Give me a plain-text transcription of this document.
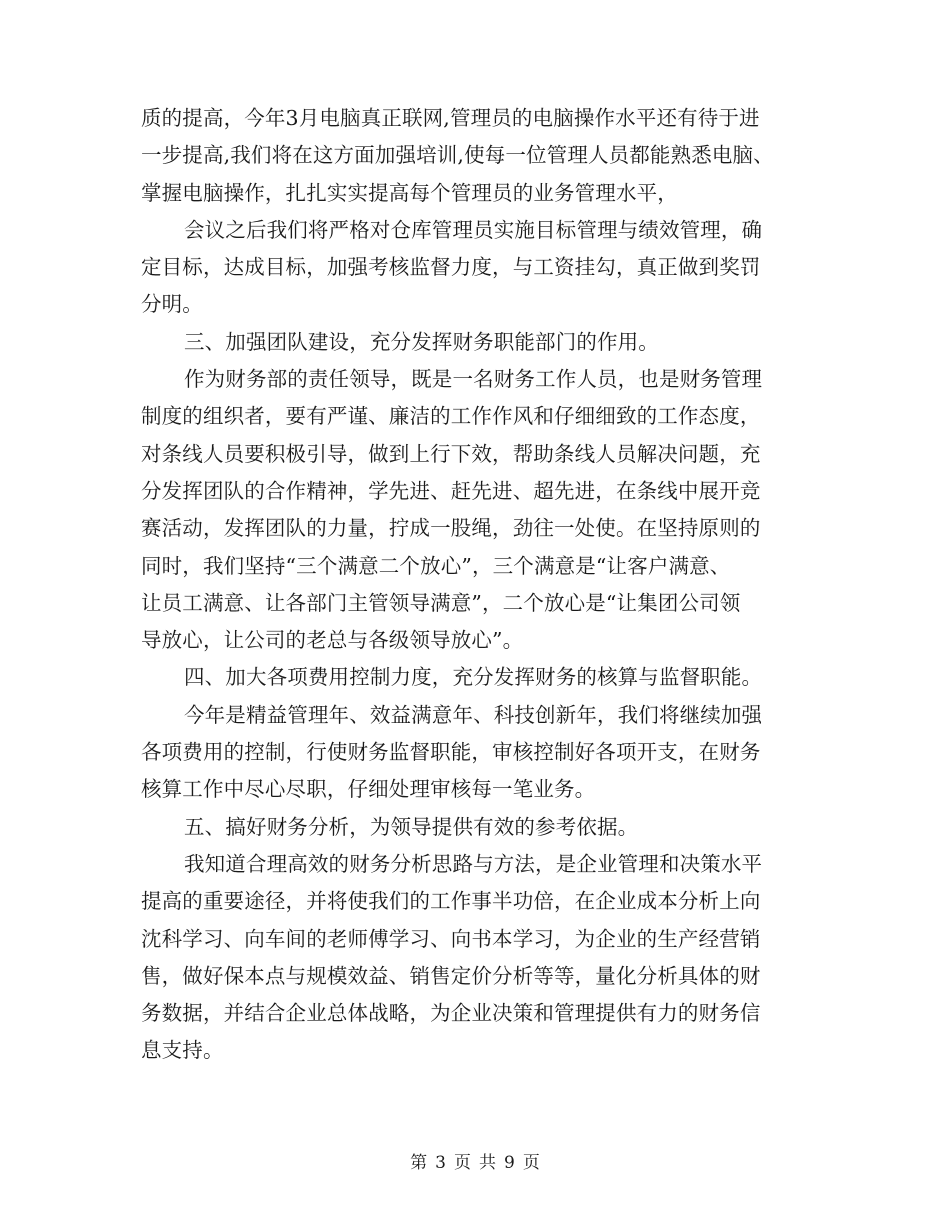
质的提高，今年3月电脑真正联网,管理员的电脑操作水平还有待于进
一步提高,我们将在这方面加强培训,使每一位管理人员都能熟悉电脑、
掌握电脑操作，扎扎实实提高每个管理员的业务管理水平，
会议之后我们将严格对仓库管理员实施目标管理与绩效管理，确
定目标，达成目标，加强考核监督力度，与工资挂勾，真正做到奖罚
分明。
三、加强团队建设，充分发挥财务职能部门的作用。
作为财务部的责任领导，既是一名财务工作人员，也是财务管理
制度的组织者，要有严谨、廉洁的工作作风和仔细细致的工作态度，
对条线人员要积极引导，做到上行下效，帮助条线人员解决问题，充
分发挥团队的合作精神，学先进、赶先进、超先进，在条线中展开竞
赛活动，发挥团队的力量，拧成一股绳，劲往一处使。在坚持原则的
同时，我们坚持“三个满意二个放心”，三个满意是“让客户满意、
让员工满意、让各部门主管领导满意”，二个放心是“让集团公司领
导放心，让公司的老总与各级领导放心”。
四、加大各项费用控制力度，充分发挥财务的核算与监督职能。
今年是精益管理年、效益满意年、科技创新年，我们将继续加强
各项费用的控制，行使财务监督职能，审核控制好各项开支，在财务
核算工作中尽心尽职，仔细处理审核每一笔业务。
五、搞好财务分析，为领导提供有效的参考依据。
我知道合理高效的财务分析思路与方法，是企业管理和决策水平
提高的重要途径，并将使我们的工作事半功倍，在企业成本分析上向
沈科学习、向车间的老师傅学习、向书本学习，为企业的生产经营销
售，做好保本点与规模效益、销售定价分析等等，量化分析具体的财
务数据，并结合企业总体战略，为企业决策和管理提供有力的财务信
息支持。
第 3 页 共 9 页
